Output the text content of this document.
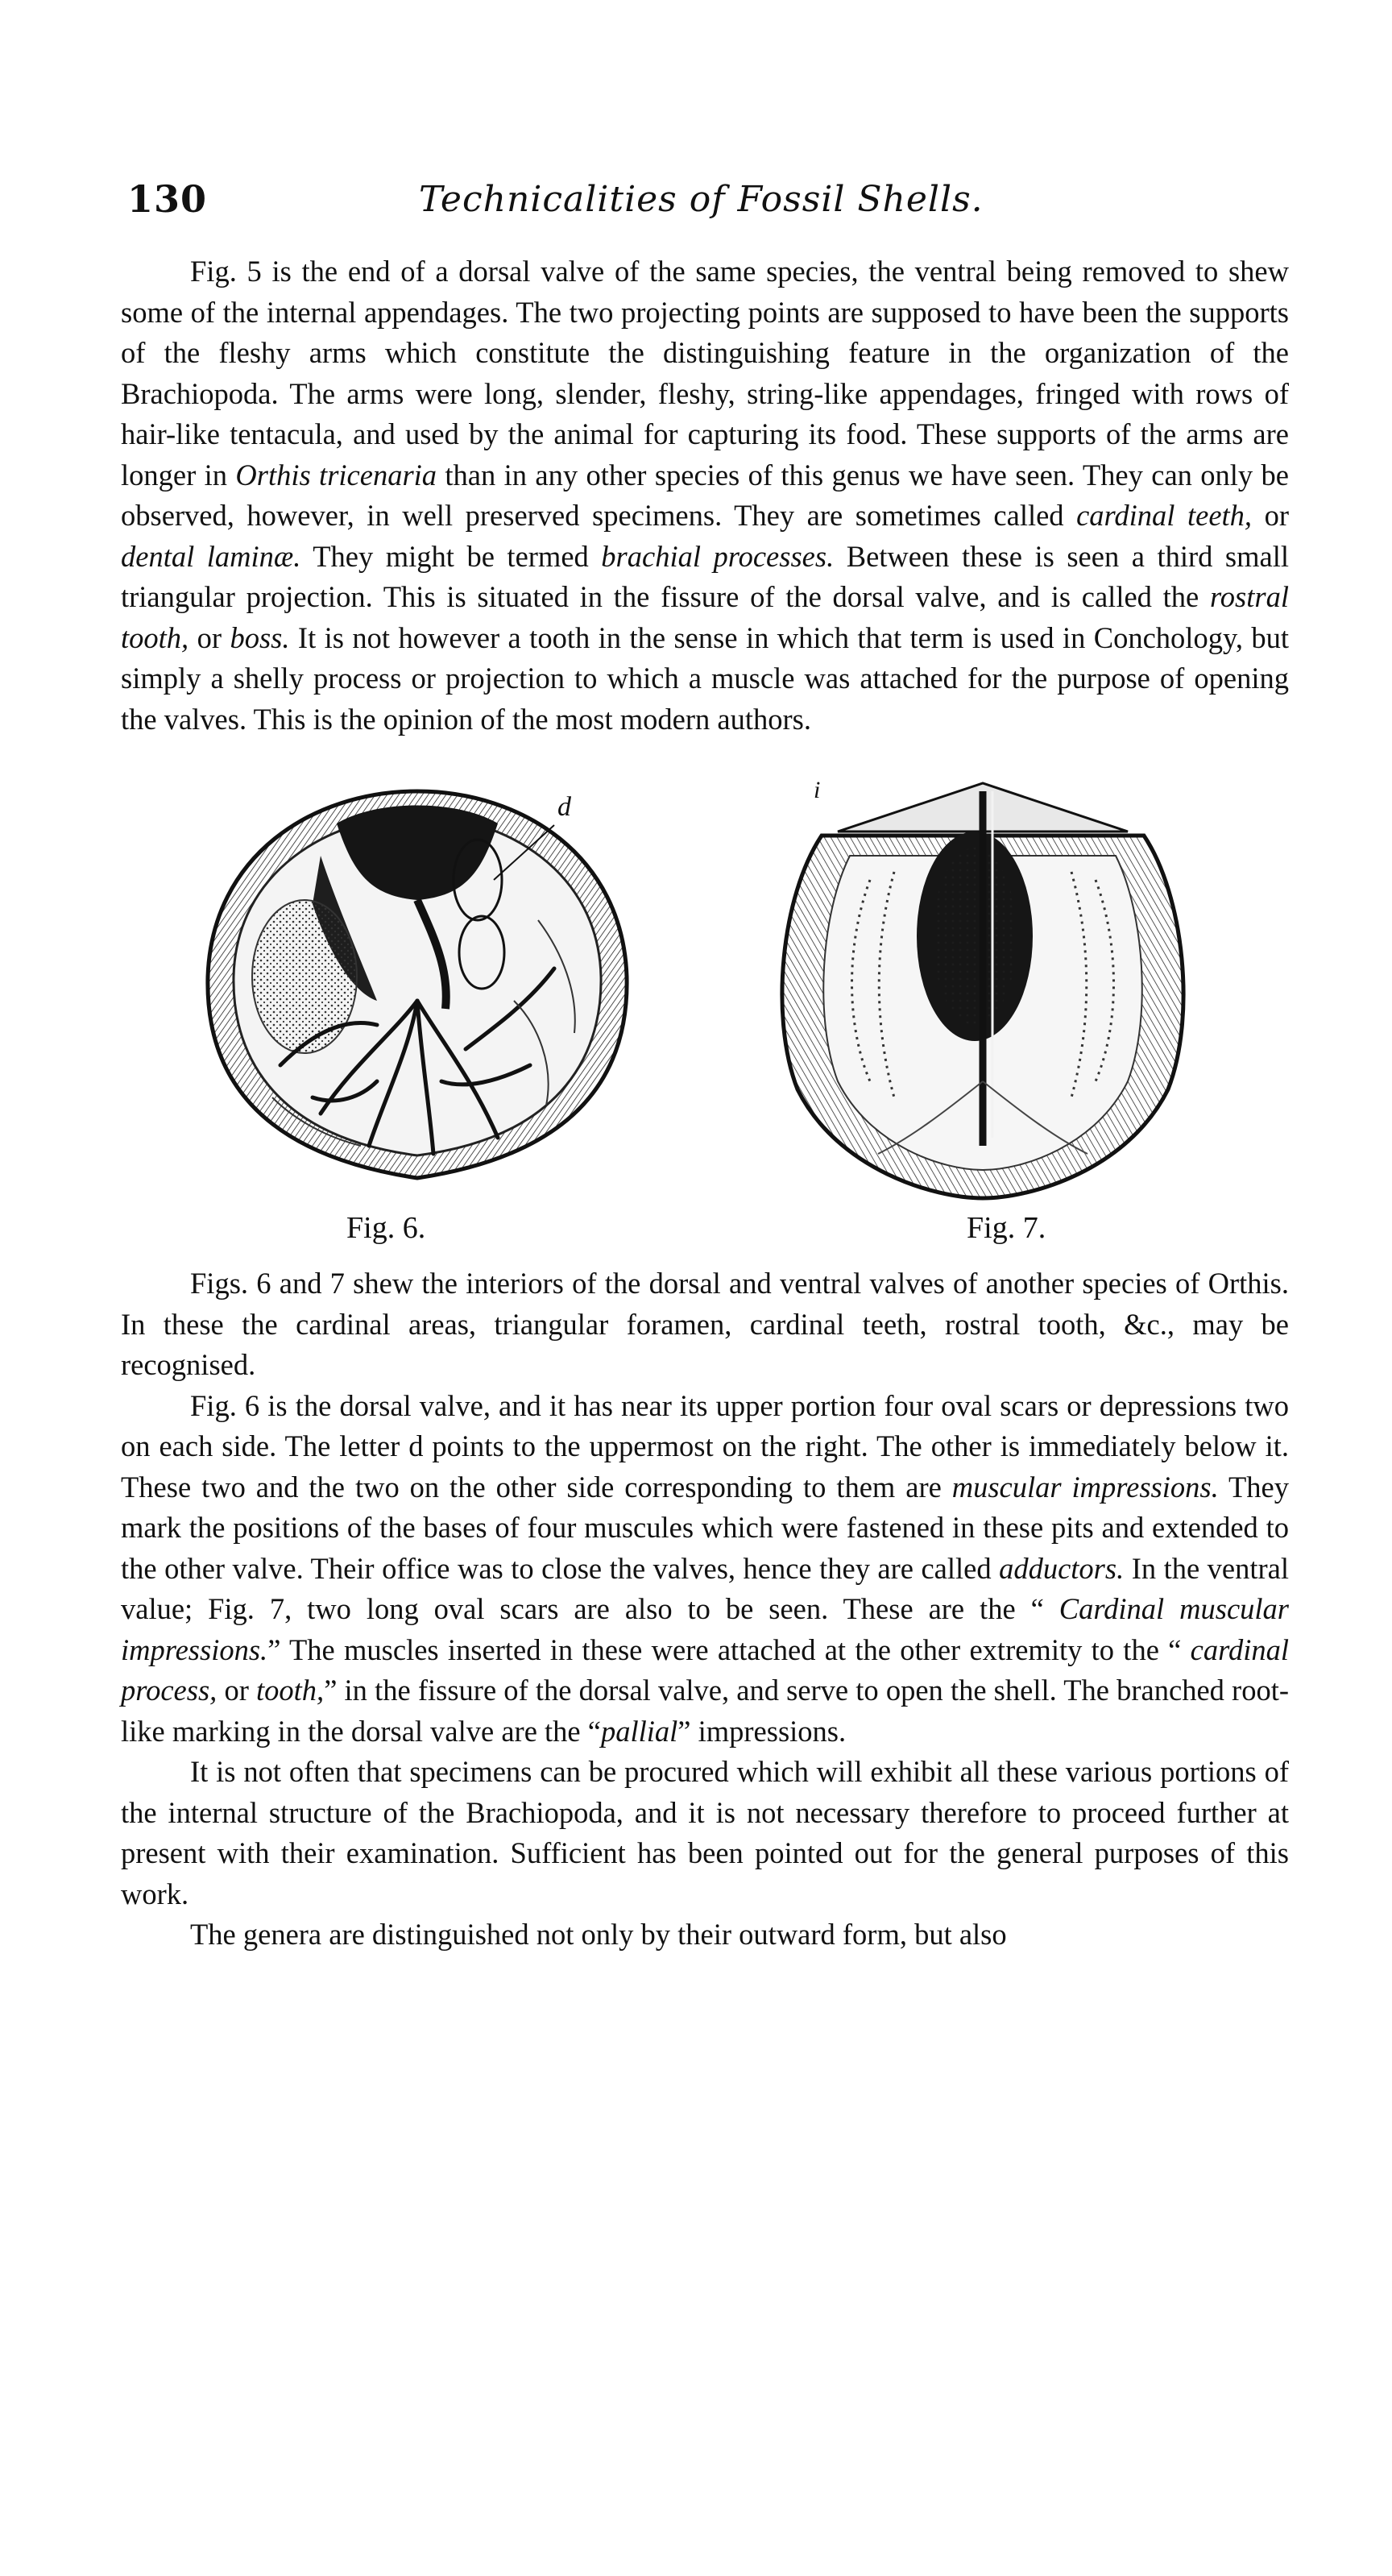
130	Technicalities of Fossil Shells.

Fig. 5 is the end of a dorsal valve of the same species, the ventral being removed to shew some of the internal appendages. The two projecting points are supposed to have been the supports of the fleshy arms which constitute the distinguishing feature in the organization of the Brachiopoda. The arms were long, slender, fleshy, string-like appendages, fringed with rows of hair-like tentacula, and used by the animal for capturing its food. These supports of the arms are longer in Orthis tricenaria than in any other species of this genus we have seen. They can only be observed, however, in well preserved specimens. They are sometimes called cardinal teeth, or dental laminæ. They might be termed brachial processes. Between these is seen a third small triangular projection. This is situated in the fissure of the dorsal valve, and is called the rostral tooth, or boss. It is not however a tooth in the sense in which that term is used in Conchology, but simply a shelly process or projection to which a muscle was attached for the purpose of opening the valves. This is the opinion of the most modern authors.

d
i
Fig. 6.	Fig. 7.

Figs. 6 and 7 shew the interiors of the dorsal and ventral valves of another species of Orthis. In these the cardinal areas, triangular foramen, cardinal teeth, rostral tooth, &c., may be recognised.

Fig. 6 is the dorsal valve, and it has near its upper portion four oval scars or depressions two on each side. The letter d points to the uppermost on the right. The other is immediately below it. These two and the two on the other side corresponding to them are muscular impressions. They mark the positions of the bases of four muscules which were fastened in these pits and extended to the other valve. Their office was to close the valves, hence they are called adductors. In the ventral value; Fig. 7, two long oval scars are also to be seen. These are the “ Cardinal muscular impressions.” The muscles inserted in these were attached at the other extremity to the “ cardinal process, or tooth,” in the fissure of the dorsal valve, and serve to open the shell. The branched root-like marking in the dorsal valve are the “pallial” impressions.

It is not often that specimens can be procured which will exhibit all these various portions of the internal structure of the Brachiopoda, and it is not necessary therefore to proceed further at present with their examination. Sufficient has been pointed out for the general purposes of this work.

The genera are distinguished not only by their outward form, but also
